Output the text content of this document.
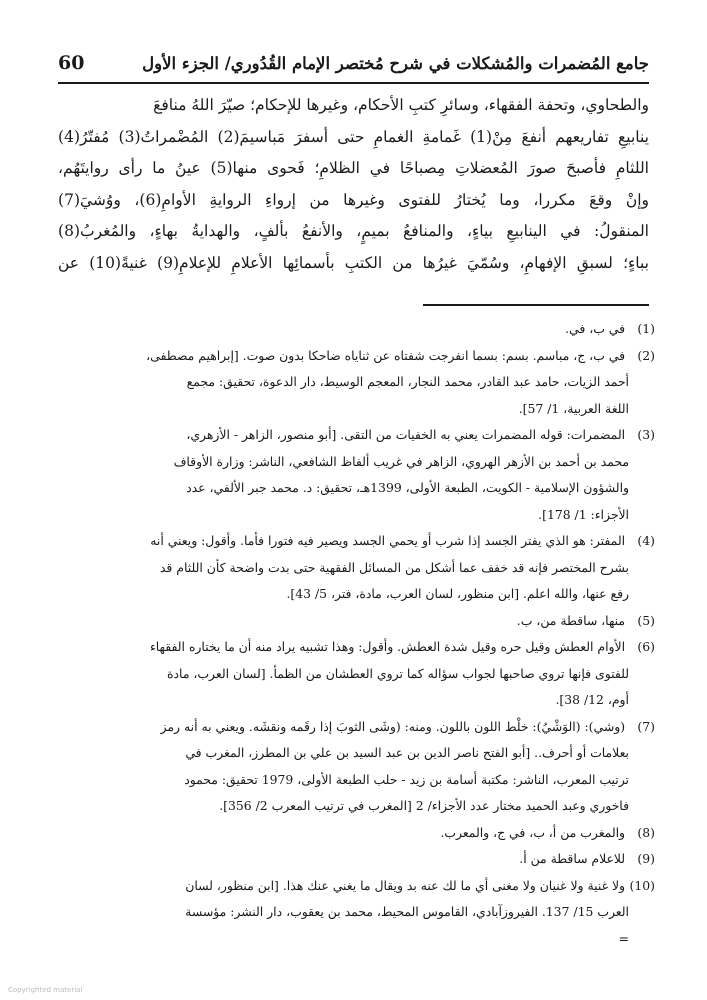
جامع المُضمرات والمُشكلات في شرح مُختصر الإمام القُدُوري/ الجزء الأول
60
والطحاوي، وتحفة الفقهاء، وسائرِ كتبِ الأحكام، وغيرها للإحكام؛ صيّرَ اللهُ منافعَ
ينابيعِ تفاريعهم أنفعَ مِنْ(1) غَمامةِ الغمامِ حتى أسفرَ مَباسيمَ(2) المُضْمراتُ(3) مُفتّرُ(4)
اللثامِ فأصبحَ صورَ المُعضلاتِ مِصباحًا في الظلامِ؛ فَحوى منها(5) عينُ ما رأى روايتَهُم،
وإنْ وقعَ مكررا، وما يُختارُ للفتوى وغيرها من إرواءِ الروايةِ الأوامِ(6)، ووُشيَ(7)
المنقولُ: في الينابيعِ بياءٍ، والمنافعُ بميمٍ، والأنفعُ بألفٍ، والهدايةُ بهاءٍ، والمُغربُ(8)
بباءٍ؛ لسبقِ الإفهامِ، وسُمّيَ غيرُها من الكتبِ بأسمائِها الأعلامِ للإعلامِ(9) غنيةً(10) عن
(1) في ب، في.
(2) في ب، ج، مباسم. بسم: بسما انفرجت شفتاه عن ثناياه ضاحكا بدون صوت. [إبراهيم مصطفى،
أحمد الزيات، حامد عبد القادر، محمد النجار، المعجم الوسيط، دار الدعوة، تحقيق: مجمع
اللغة العربية، 1/ 57].
(3) المضمرات: قوله المضمرات يعني به الخفيات من التقى. [أبو منصور، الزاهر - الأزهري،
محمد بن أحمد بن الأزهر الهروي، الزاهر في غريب ألفاظ الشافعي، الناشر: وزارة الأوقاف
والشؤون الإسلامية - الكويت، الطبعة الأولى، 1399هـ، تحقيق: د. محمد جبر الألفي، عدد
الأجزاء: 1/ 178].
(4) المفتر: هو الذي يفتر الجسد إذا شرب أو يحمي الجسد ويصير فيه فتورا فأما. وأقول: ويعني أنه
بشرح المختصر فإنه قد خفف عما أشكل من المسائل الفقهية حتى بدت واضحة كأن اللثام قد
رفع عنها، والله اعلم. [ابن منظور، لسان العرب، مادة، فتر، 5/ 43].
(5) منها، ساقطة من، ب.
(6) الأوام العطش وقيل حره وقيل شدة العطش. وأقول: وهذا تشبيه يراد منه أن ما يختاره الفقهاء
للفتوى فإنها تروي صاحبها لجواب سؤاله كما تروي العطشان من الظمأ. [لسان العرب، مادة
أوم، 12/ 38].
(7) (وشي): (الوَشْيُ): خلْط اللون باللون. ومنه: (وشَى الثوبَ إذا رقَمه ونقشَه. ويعني به أنه رمز
بعلامات أو أحرف.. [أبو الفتح ناصر الدين بن عبد السيد بن علي بن المطرز، المغرب في
ترتيب المعرب، الناشر: مكتبة أسامة بن زيد - حلب الطبعة الأولى، 1979 تحقيق: محمود
فاخوري وعبد الحميد مختار عدد الأجزاء/ 2 [المغرب في ترتيب المعرب 2/ 356].
(8) والمغرب من أ، ب، في ج، والمعرب.
(9) للاعلام ساقطة من أ.
(10) ولا غنية ولا غنيان ولا مغنى أي ما لك عنه بد ويقال ما يغني عنك هذا. [ابن منظور، لسان
العرب 15/ 137. الفيروزآبادي، القاموس المحيط، محمد بن يعقوب، دار النشر: مؤسسة
=
Copyrighted material
